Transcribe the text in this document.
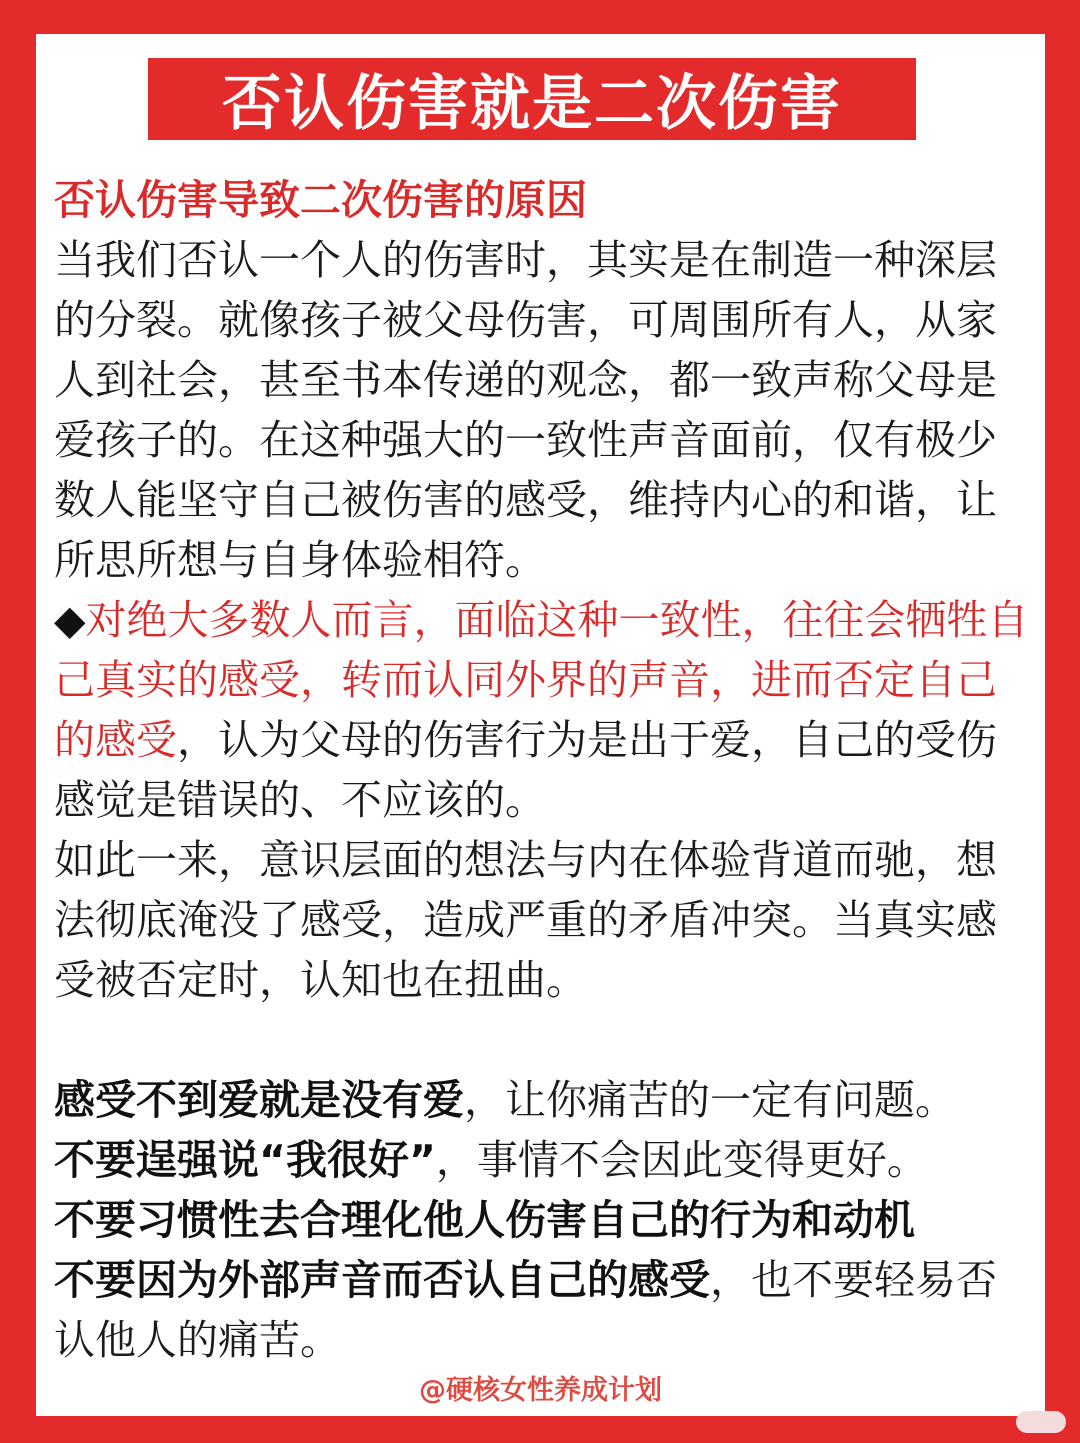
否认伤害就是二次伤害

否认伤害导致二次伤害的原因

当我们否认一个人的伤害时，其实是在制造一种深层的分裂。就像孩子被父母伤害，可周围所有人，从家人到社会，甚至书本传递的观念，都一致声称父母是爱孩子的。在这种强大的一致性声音面前，仅有极少数人能坚守自己被伤害的感受，维持内心的和谐，让所思所想与自身体验相符。

◆对绝大多数人而言，面临这种一致性，往往会牺牲自己真实的感受，转而认同外界的声音，进而否定自己的感受，认为父母的伤害行为是出于爱，自己的受伤感觉是错误的、不应该的。

如此一来，意识层面的想法与内在体验背道而驰，想法彻底淹没了感受，造成严重的矛盾冲突。当真实感受被否定时，认知也在扭曲。

感受不到爱就是没有爱，让你痛苦的一定有问题。

不要逞强说“我很好”，事情不会因此变得更好。

不要习惯性去合理化他人伤害自己的行为和动机

不要因为外部声音而否认自己的感受，也不要轻易否认他人的痛苦。

@硬核女性养成计划
